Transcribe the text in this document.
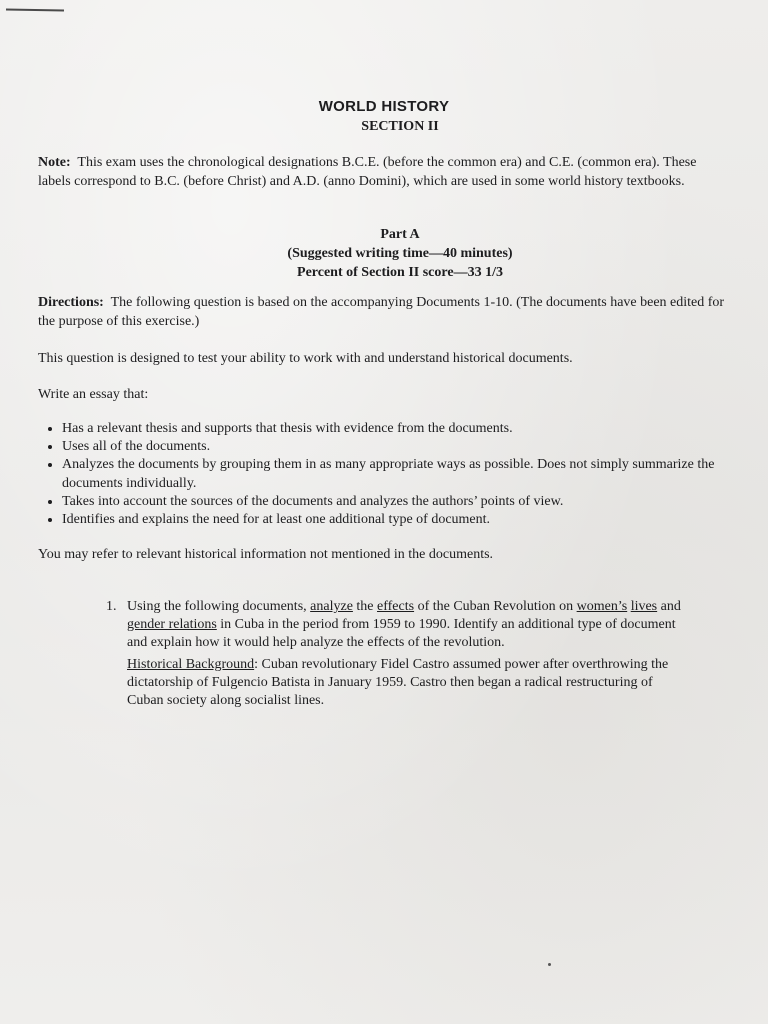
WORLD HISTORY
SECTION II
Note: This exam uses the chronological designations B.C.E. (before the common era) and C.E. (common era). These labels correspond to B.C. (before Christ) and A.D. (anno Domini), which are used in some world history textbooks.
Part A
(Suggested writing time—40 minutes)
Percent of Section II score—33 1/3
Directions: The following question is based on the accompanying Documents 1-10. (The documents have been edited for the purpose of this exercise.)
This question is designed to test your ability to work with and understand historical documents.
Write an essay that:
• Has a relevant thesis and supports that thesis with evidence from the documents.
• Uses all of the documents.
• Analyzes the documents by grouping them in as many appropriate ways as possible. Does not simply summarize the documents individually.
• Takes into account the sources of the documents and analyzes the authors’ points of view.
• Identifies and explains the need for at least one additional type of document.
You may refer to relevant historical information not mentioned in the documents.
1. Using the following documents, analyze the effects of the Cuban Revolution on women’s lives and gender relations in Cuba in the period from 1959 to 1990. Identify an additional type of document and explain how it would help analyze the effects of the revolution.
Historical Background: Cuban revolutionary Fidel Castro assumed power after overthrowing the dictatorship of Fulgencio Batista in January 1959. Castro then began a radical restructuring of Cuban society along socialist lines.
